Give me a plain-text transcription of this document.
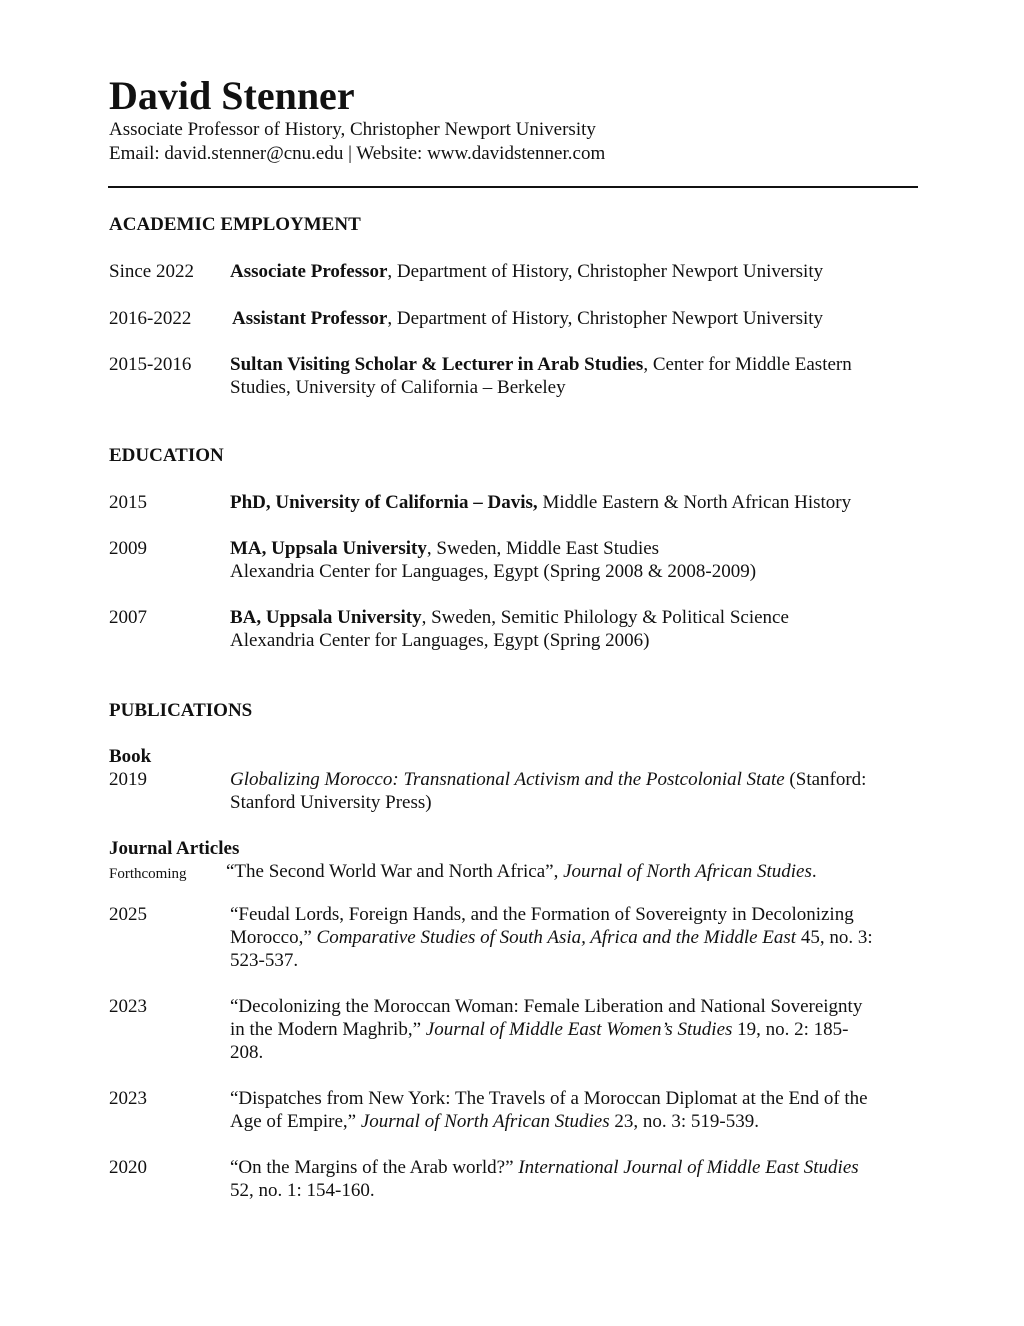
David Stenner
Associate Professor of History, Christopher Newport University
Email: david.stenner@cnu.edu | Website: www.davidstenner.com
ACADEMIC EMPLOYMENT
Since 2022 Associate Professor, Department of History, Christopher Newport University
2016-2022 Assistant Professor, Department of History, Christopher Newport University
2015-2016 Sultan Visiting Scholar & Lecturer in Arab Studies, Center for Middle Eastern
Studies, University of California – Berkeley
EDUCATION
2015	PhD, University of California – Davis, Middle Eastern & North African History
2009	MA, Uppsala University, Sweden, Middle East Studies
Alexandria Center for Languages, Egypt (Spring 2008 & 2008-2009)
2007	BA, Uppsala University, Sweden, Semitic Philology & Political Science
Alexandria Center for Languages, Egypt (Spring 2006)
PUBLICATIONS
Book
2019	Globalizing Morocco: Transnational Activism and the Postcolonial State (Stanford:
Stanford University Press)
Journal Articles
Forthcoming “The Second World War and North Africa”, Journal of North African Studies.
2025	“Feudal Lords, Foreign Hands, and the Formation of Sovereignty in Decolonizing
Morocco,” Comparative Studies of South Asia, Africa and the Middle East 45, no. 3:
523-537.
2023	“Decolonizing the Moroccan Woman: Female Liberation and National Sovereignty
in the Modern Maghrib,” Journal of Middle East Women’s Studies 19, no. 2: 185-
208.
2023	“Dispatches from New York: The Travels of a Moroccan Diplomat at the End of the
Age of Empire,” Journal of North African Studies 23, no. 3: 519-539.
2020	“On the Margins of the Arab world?” International Journal of Middle East Studies
52, no. 1: 154-160.
